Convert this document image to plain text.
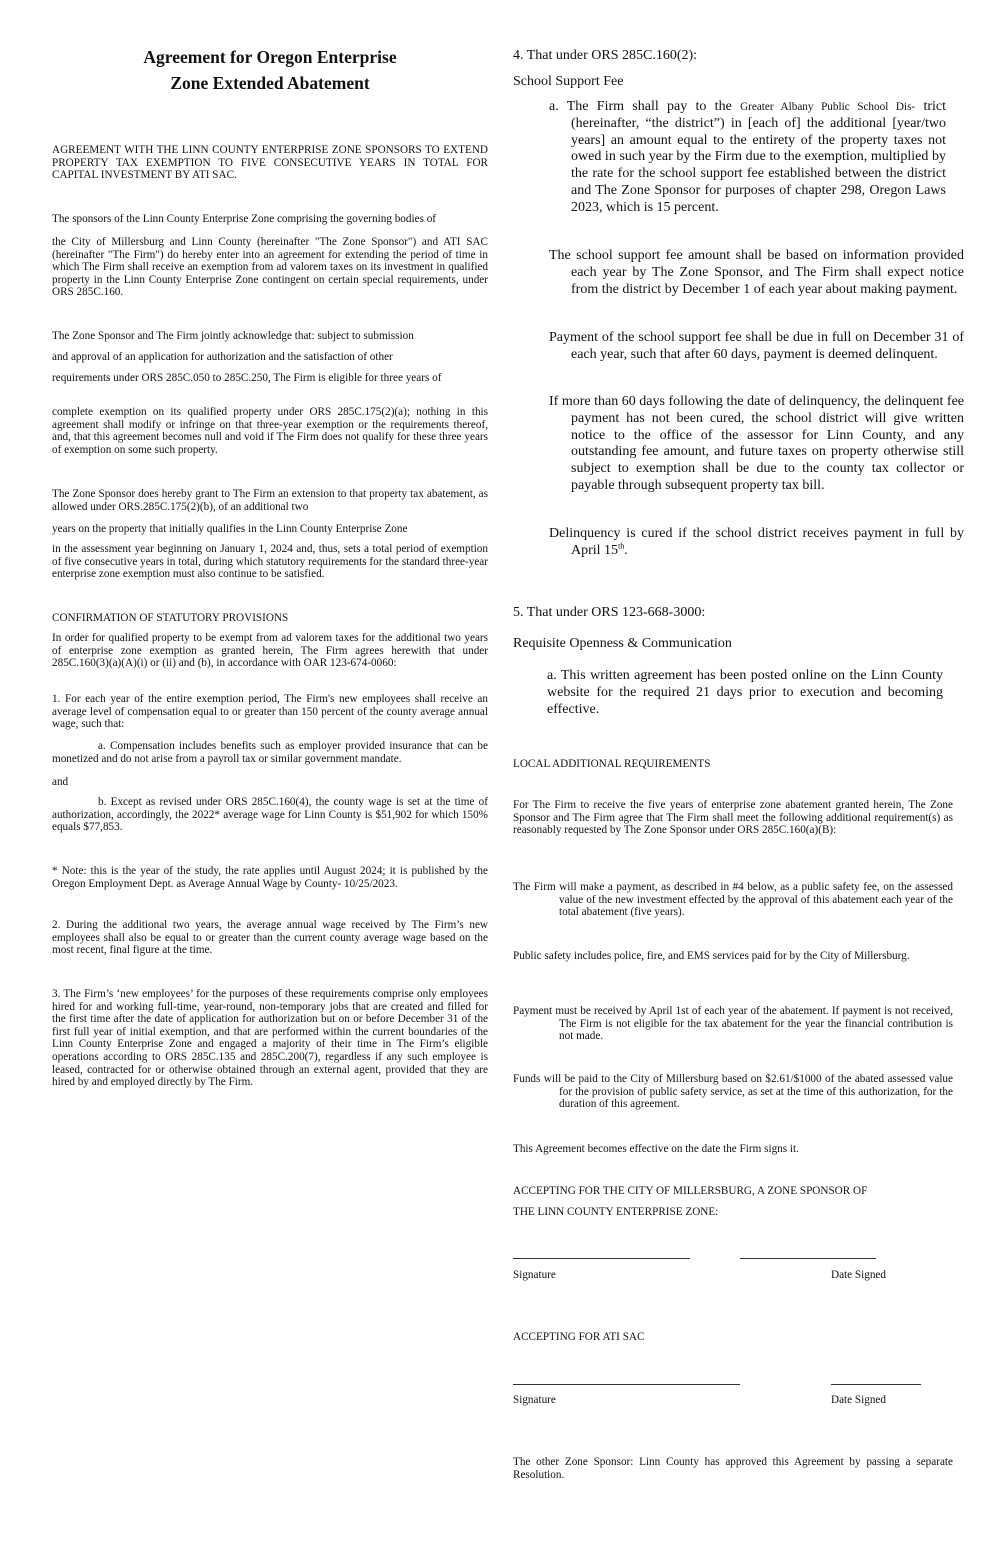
Agreement for Oregon Enterprise
Zone Extended Abatement

AGREEMENT WITH THE LINN COUNTY ENTERPRISE ZONE SPONSORS TO EXTEND PROPERTY TAX EXEMPTION TO FIVE CONSECUTIVE YEARS IN TOTAL FOR CAPITAL INVESTMENT BY ATI SAC.

The sponsors of the Linn County Enterprise Zone comprising the governing bodies of

the City of Millersburg and Linn County (hereinafter "The Zone Sponsor") and ATI SAC (hereinafter "The Firm") do hereby enter into an agreement for extending the period of time in which The Firm shall receive an exemption from ad valorem taxes on its investment in qualified property in the Linn County Enterprise Zone contingent on certain special requirements, under ORS 285C.160.

The Zone Sponsor and The Firm jointly acknowledge that: subject to submission

and approval of an application for authorization and the satisfaction of other

requirements under ORS 285C.050 to 285C.250, The Firm is eligible for three years of

complete exemption on its qualified property under ORS 285C.175(2)(a); nothing in this agreement shall modify or infringe on that three-year exemption or the requirements thereof, and, that this agreement becomes null and void if The Firm does not qualify for these three years of exemption on some such property.

The Zone Sponsor does hereby grant to The Firm an extension to that property tax abatement, as allowed under ORS.285C.175(2)(b), of an additional two

years on the property that initially qualifies in the Linn County Enterprise Zone

in the assessment year beginning on January 1, 2024 and, thus, sets a total period of exemption of five consecutive years in total, during which statutory requirements for the standard three-year enterprise zone exemption must also continue to be satisfied.

CONFIRMATION OF STATUTORY PROVISIONS

In order for qualified property to be exempt from ad valorem taxes for the additional two years of enterprise zone exemption as granted herein, The Firm agrees herewith that under 285C.160(3)(a)(A)(i) or (ii) and (b), in accordance with OAR 123-674-0060:

1. For each year of the entire exemption period, The Firm's new employees shall receive an average level of compensation equal to or greater than 150 percent of the county average annual wage, such that:

a. Compensation includes benefits such as employer provided insurance that can be monetized and do not arise from a payroll tax or similar government mandate.

and

b. Except as revised under ORS 285C.160(4), the county wage is set at the time of authorization, accordingly, the 2022* average wage for Linn County is $51,902 for which 150% equals $77,853.

* Note: this is the year of the study, the rate applies until August 2024; it is published by the Oregon Employment Dept. as Average Annual Wage by County- 10/25/2023.

2. During the additional two years, the average annual wage received by The Firm’s new employees shall also be equal to or greater than the current county average wage based on the most recent, final figure at the time.

3. The Firm’s ‘new employees’ for the purposes of these requirements comprise only employees hired for and working full-time, year-round, non-temporary jobs that are created and filled for the first time after the date of application for authorization but on or before December 31 of the first full year of initial exemption, and that are performed within the current boundaries of the Linn County Enterprise Zone and engaged a majority of their time in The Firm’s eligible operations according to ORS 285C.135 and 285C.200(7), regardless if any such employee is leased, contracted for or otherwise obtained through an external agent, provided that they are hired by and employed directly by The Firm.

4. That under ORS 285C.160(2):

School Support Fee

a. The Firm shall pay to the Greater Albany Public School Dis- trict (hereinafter, “the district”) in [each of] the additional [year/two years] an amount equal to the entirety of the property taxes not owed in such year by the Firm due to the exemption, multiplied by the rate for the school support fee established between the district and The Zone Sponsor for purposes of chapter 298, Oregon Laws 2023, which is 15 percent.

The school support fee amount shall be based on information provided each year by The Zone Sponsor, and The Firm shall expect notice from the district by December 1 of each year about making payment.

Payment of the school support fee shall be due in full on December 31 of each year, such that after 60 days, payment is deemed delinquent.

If more than 60 days following the date of delinquency, the delinquent fee payment has not been cured, the school district will give written notice to the office of the assessor for Linn County, and any outstanding fee amount, and future taxes on property otherwise still subject to exemption shall be due to the county tax collector or payable through subsequent property tax bill.

Delinquency is cured if the school district receives payment in full by April 15th.

5. That under ORS 123-668-3000:

Requisite Openness & Communication

a. This written agreement has been posted online on the Linn County website for the required 21 days prior to execution and becoming effective.

LOCAL ADDITIONAL REQUIREMENTS

For The Firm to receive the five years of enterprise zone abatement granted herein, The Zone Sponsor and The Firm agree that The Firm shall meet the following additional requirement(s) as reasonably requested by The Zone Sponsor under ORS 285C.160(a)(B):

The Firm will make a payment, as described in #4 below, as a public safety fee, on the assessed value of the new investment effected by the approval of this abatement each year of the total abatement (five years).

Public safety includes police, fire, and EMS services paid for by the City of Millersburg.

Payment must be received by April 1st of each year of the abatement. If payment is not received, The Firm is not eligible for the tax abatement for the year the financial contribution is not made.

Funds will be paid to the City of Millersburg based on $2.61/$1000 of the abated assessed value for the provision of public safety service, as set at the time of this authorization, for the duration of this agreement.

This Agreement becomes effective on the date the Firm signs it.

ACCEPTING FOR THE CITY OF MILLERSBURG, A ZONE SPONSOR OF

THE LINN COUNTY ENTERPRISE ZONE:

Signature	Date Signed

ACCEPTING FOR ATI SAC

Signature	Date Signed

The other Zone Sponsor: Linn County has approved this Agreement by passing a separate Resolution.
